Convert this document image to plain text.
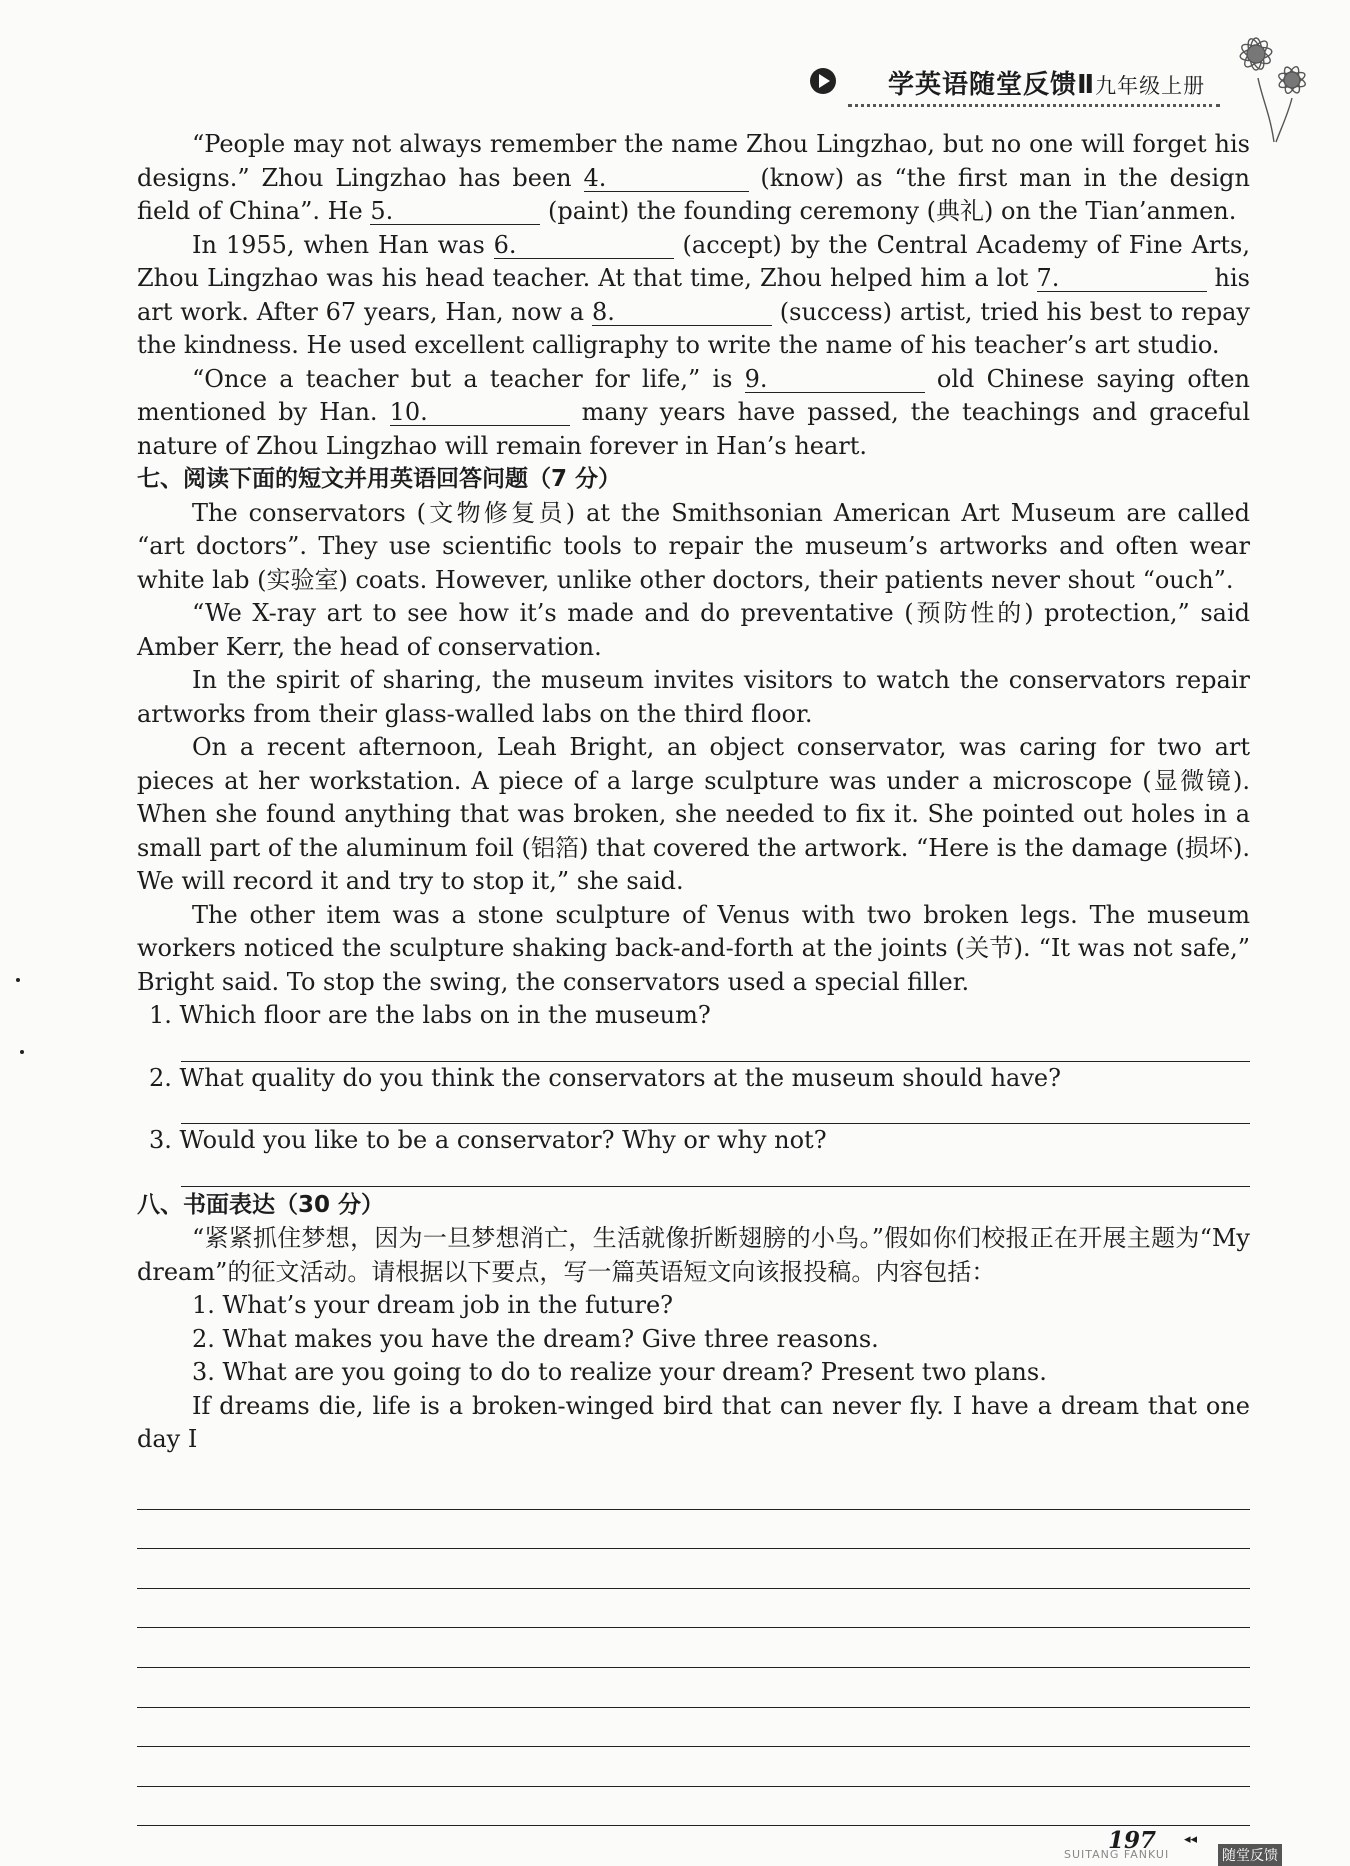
学英语随堂反馈Ⅱ九年级上册

“People may not always remember the name Zhou Lingzhao, but no one will forget his designs.” Zhou Lingzhao has been 4.	(know) as “the first man in the design field of China”. He 5.	(paint) the founding ceremony (典礼) on the Tian’anmen.

In 1955, when Han was 6.	(accept) by the Central Academy of Fine Arts, Zhou Lingzhao was his head teacher. At that time, Zhou helped him a lot 7.	his art work. After 67 years, Han, now a 8.	(success) artist, tried his best to repay the kindness. He used excellent calligraphy to write the name of his teacher’s art studio.

“Once a teacher but a teacher for life,” is 9.	old Chinese saying often mentioned by Han. 10.	many years have passed, the teachings and graceful nature of Zhou Lingzhao will remain forever in Han’s heart.

七、阅读下面的短文并用英语回答问题（7 分）

The conservators (文物修复员) at the Smithsonian American Art Museum are called “art doctors”. They use scientific tools to repair the museum’s artworks and often wear white lab (实验室) coats. However, unlike other doctors, their patients never shout “ouch”.

“We X-ray art to see how it’s made and do preventative (预防性的) protection,” said Amber Kerr, the head of conservation.

In the spirit of sharing, the museum invites visitors to watch the conservators repair artworks from their glass-walled labs on the third floor.

On a recent afternoon, Leah Bright, an object conservator, was caring for two art pieces at her workstation. A piece of a large sculpture was under a microscope (显微镜). When she found anything that was broken, she needed to fix it. She pointed out holes in a small part of the aluminum foil (铝箔) that covered the artwork. “Here is the damage (损坏). We will record it and try to stop it,” she said.

The other item was a stone sculpture of Venus with two broken legs. The museum workers noticed the sculpture shaking back-and-forth at the joints (关节). “It was not safe,” Bright said. To stop the swing, the conservators used a special filler.

1. Which floor are the labs on in the museum?

2. What quality do you think the conservators at the museum should have?

3. Would you like to be a conservator? Why or why not?

八、书面表达（30 分）

“紧紧抓住梦想，因为一旦梦想消亡，生活就像折断翅膀的小鸟。”假如你们校报正在开展主题为“My dream”的征文活动。请根据以下要点，写一篇英语短文向该报投稿。内容包括：

1. What’s your dream job in the future?

2. What makes you have the dream? Give three reasons.

3. What are you going to do to realize your dream? Present two plans.

If dreams die, life is a broken-winged bird that can never fly. I have a dream that one day I

197 ◂◂
SUITANG FANKUI	随堂反馈
